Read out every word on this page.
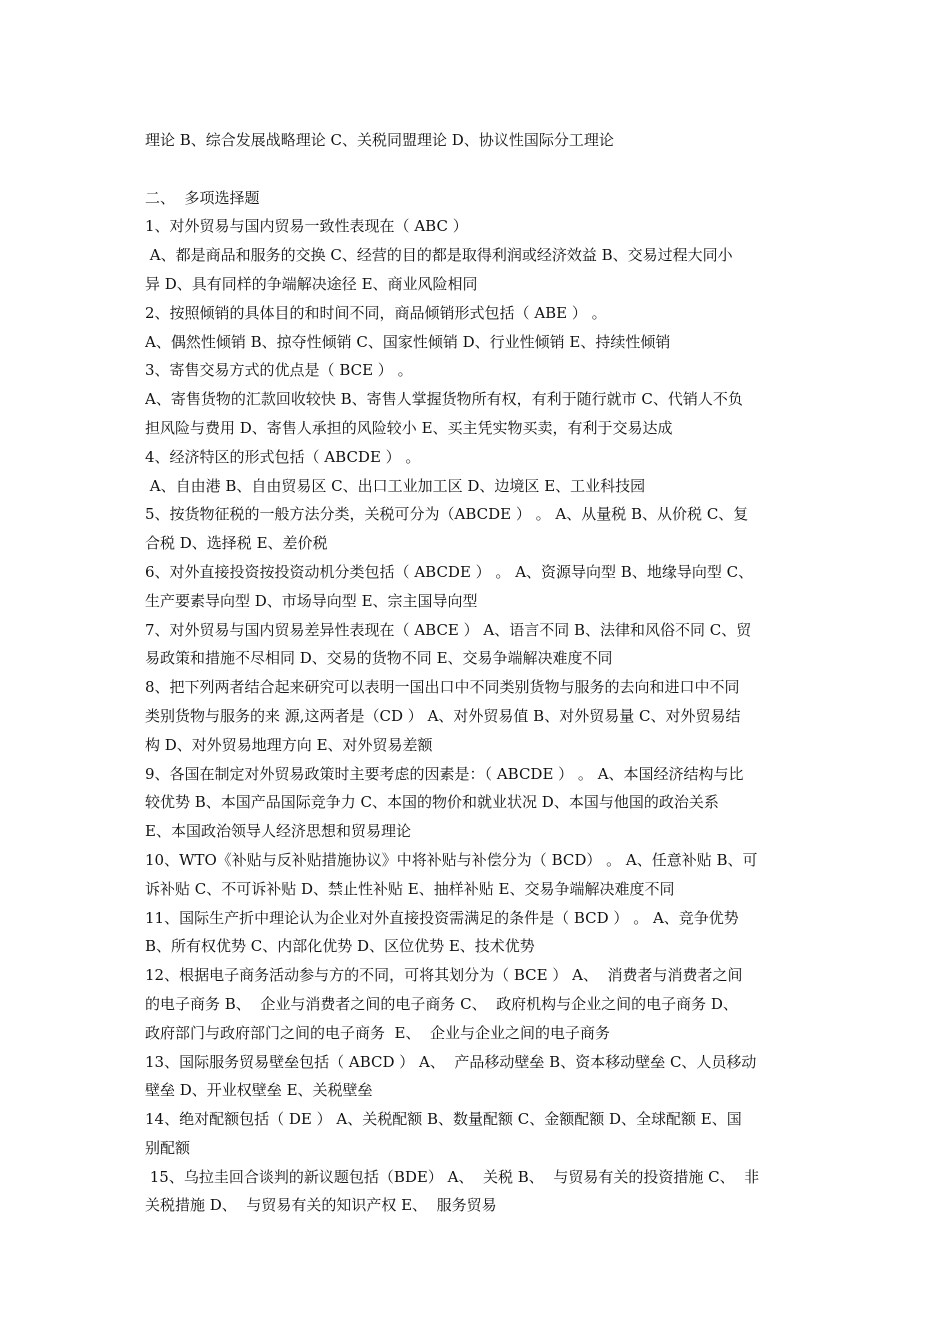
理论 B、综合发展战略理论 C、关税同盟理论 D、协议性国际分工理论
二、  多项选择题
1、对外贸易与国内贸易一致性表现在（ ABC ）
A、都是商品和服务的交换 C、经营的目的都是取得利润或经济效益 B、交易过程大同小
异 D、具有同样的争端解决途径 E、商业风险相同
2、按照倾销的具体目的和时间不同，商品倾销形式包括（ ABE ） 。
A、偶然性倾销 B、掠夺性倾销 C、国家性倾销 D、行业性倾销 E、持续性倾销
3、寄售交易方式的优点是（ BCE ） 。
A、寄售货物的汇款回收较快 B、寄售人掌握货物所有权，有利于随行就市 C、代销人不负
担风险与费用 D、寄售人承担的风险较小 E、买主凭实物买卖，有利于交易达成
4、经济特区的形式包括（ ABCDE ） 。
A、自由港 B、自由贸易区 C、出口工业加工区 D、边境区 E、工业科技园
5、按货物征税的一般方法分类，关税可分为（ABCDE ） 。 A、从量税 B、从价税 C、复
合税 D、选择税 E、差价税
6、对外直接投资按投资动机分类包括（ ABCDE ） 。 A、资源导向型 B、地缘导向型 C、
生产要素导向型 D、市场导向型 E、宗主国导向型
7、对外贸易与国内贸易差异性表现在（ ABCE ） A、语言不同 B、法律和风俗不同 C、贸
易政策和措施不尽相同 D、交易的货物不同 E、交易争端解决难度不同
8、把下列两者结合起来研究可以表明一国出口中不同类别货物与服务的去向和进口中不同
类别货物与服务的来 源,这两者是（CD ） A、对外贸易值 B、对外贸易量 C、对外贸易结
构 D、对外贸易地理方向 E、对外贸易差额
9、各国在制定对外贸易政策时主要考虑的因素是：（ ABCDE ） 。 A、本国经济结构与比
较优势 B、本国产品国际竞争力 C、本国的物价和就业状况 D、本国与他国的政治关系
E、本国政治领导人经济思想和贸易理论
10、WTO《补贴与反补贴措施协议》中将补贴与补偿分为（ BCD） 。 A、任意补贴 B、可
诉补贴 C、不可诉补贴 D、禁止性补贴 E、抽样补贴 E、交易争端解决难度不同
11、国际生产折中理论认为企业对外直接投资需满足的条件是（ BCD ） 。 A、竞争优势
B、所有权优势 C、内部化优势 D、区位优势 E、技术优势
12、根据电子商务活动参与方的不同，可将其划分为（ BCE ） A、  消费者与消费者之间
的电子商务 B、  企业与消费者之间的电子商务 C、  政府机构与企业之间的电子商务 D、
政府部门与政府部门之间的电子商务  E、  企业与企业之间的电子商务
13、国际服务贸易壁垒包括（ ABCD ） A、  产品移动壁垒 B、资本移动壁垒 C、人员移动
壁垒 D、开业权壁垒 E、关税壁垒
14、绝对配额包括（ DE ） A、关税配额 B、数量配额 C、金额配额 D、全球配额 E、国
别配额
15、乌拉圭回合谈判的新议题包括（BDE） A、  关税 B、  与贸易有关的投资措施 C、  非
关税措施 D、  与贸易有关的知识产权 E、  服务贸易
